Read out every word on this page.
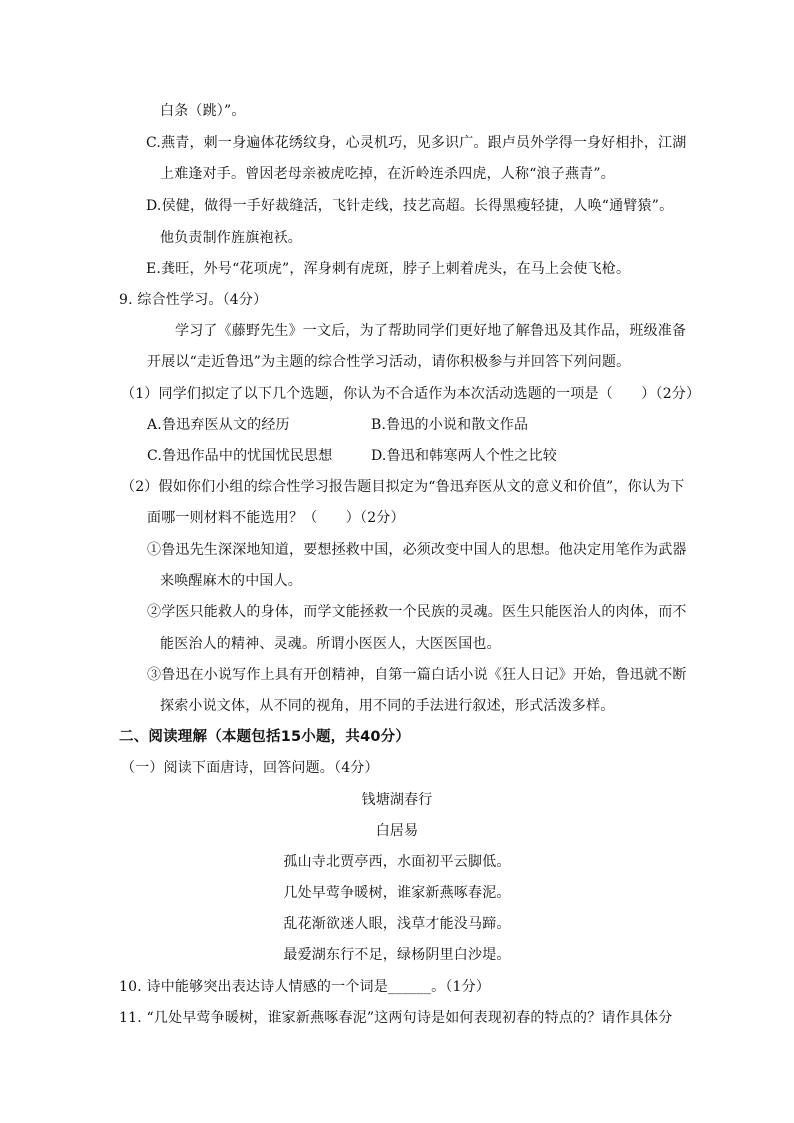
白条（跳）”。
C.燕青，刺一身遍体花绣纹身，心灵机巧，见多识广。跟卢员外学得一身好相扑，江湖
上难逢对手。曾因老母亲被虎吃掉，在沂岭连杀四虎，人称“浪子燕青”。
D.侯健，做得一手好裁缝活，飞针走线，技艺高超。长得黑瘦轻捷，人唤“通臂猿”。
他负责制作旌旗袍袄。
E.龚旺，外号“花项虎”，浑身刺有虎斑，脖子上刺着虎头，在马上会使飞枪。
9. 综合性学习。（4分）
学习了《藤野先生》一文后，为了帮助同学们更好地了解鲁迅及其作品，班级准备
开展以“走近鲁迅”为主题的综合性学习活动，请你积极参与并回答下列问题。
（1）同学们拟定了以下几个选题，你认为不合适作为本次活动选题的一项是（　　）（2分）
A.鲁迅弃医从文的经历	B.鲁迅的小说和散文作品
C.鲁迅作品中的忧国忧民思想	D.鲁迅和韩寒两人个性之比较
（2）假如你们小组的综合性学习报告题目拟定为“鲁迅弃医从文的意义和价值”，你认为下
面哪一则材料不能选用？（　　）（2分）
①鲁迅先生深深地知道，要想拯救中国，必须改变中国人的思想。他决定用笔作为武器
来唤醒麻木的中国人。
②学医只能救人的身体，而学文能拯救一个民族的灵魂。医生只能医治人的肉体，而不
能医治人的精神、灵魂。所谓小医医人，大医医国也。
③鲁迅在小说写作上具有开创精神，自第一篇白话小说《狂人日记》开始，鲁迅就不断
探索小说文体，从不同的视角，用不同的手法进行叙述，形式活泼多样。
二、阅读理解（本题包括15小题，共40分）
（一）阅读下面唐诗，回答问题。（4分）
钱塘湖春行
白居易
孤山寺北贾亭西，水面初平云脚低。
几处早莺争暖树，谁家新燕啄春泥。
乱花渐欲迷人眼，浅草才能没马蹄。
最爱湖东行不足，绿杨阴里白沙堤。
10. 诗中能够突出表达诗人情感的一个词是______。（1分）
11. “几处早莺争暖树，谁家新燕啄春泥”这两句诗是如何表现初春的特点的？请作具体分
